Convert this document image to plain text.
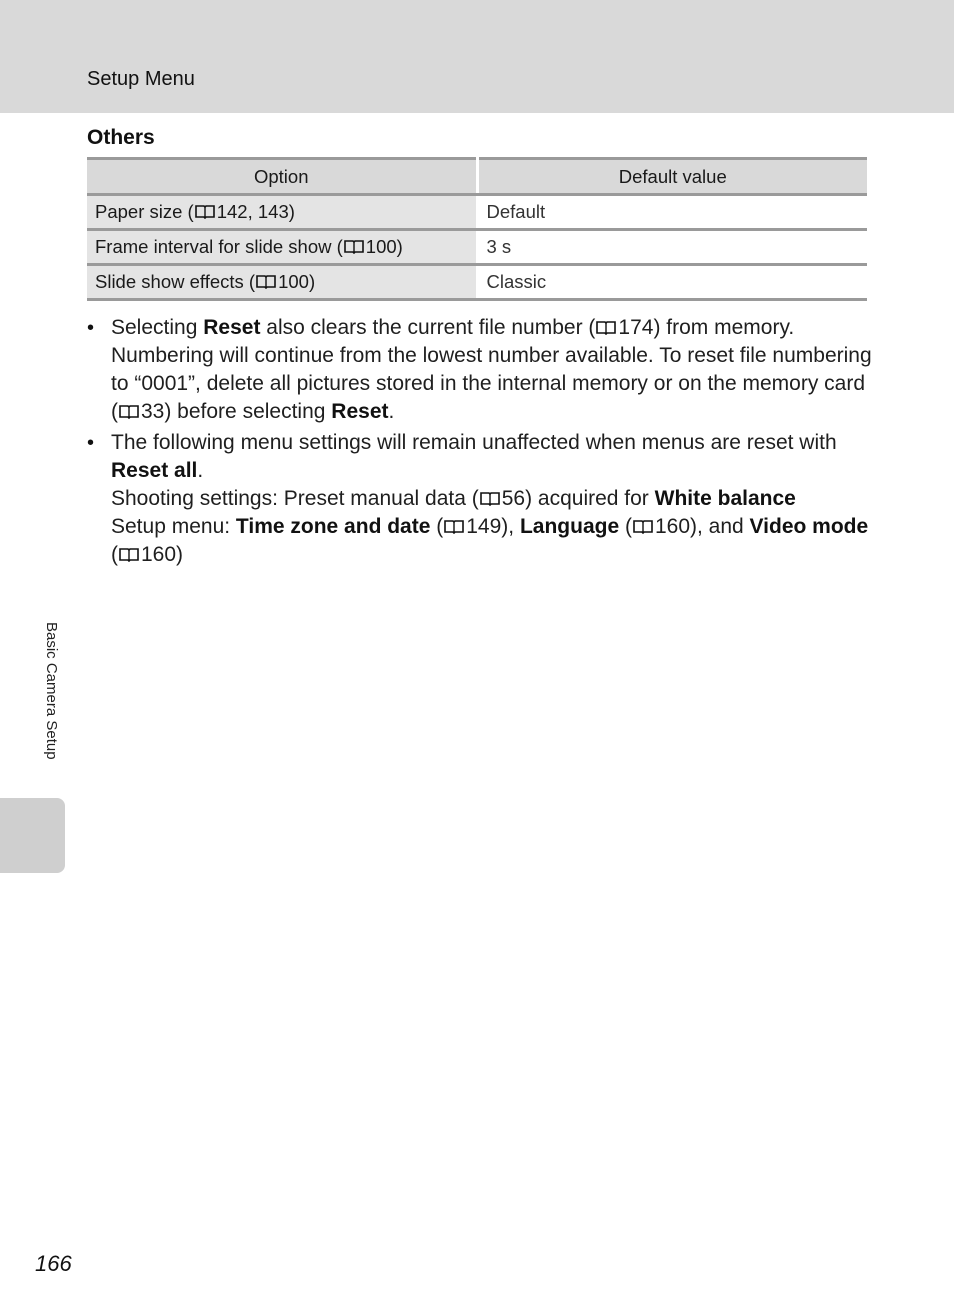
Setup Menu
Others
Option	Default value
Paper size ( 142, 143)	Default
Frame interval for slide show ( 100)	3 s
Slide show effects ( 100)	Classic
• Selecting Reset also clears the current file number ( 174) from memory. Numbering will continue from the lowest number available. To reset file numbering to “0001”, delete all pictures stored in the internal memory or on the memory card ( 33) before selecting Reset.
• The following menu settings will remain unaffected when menus are reset with Reset all.
Shooting settings: Preset manual data ( 56) acquired for White balance
Setup menu: Time zone and date ( 149), Language ( 160), and Video mode ( 160)
Basic Camera Setup
166
